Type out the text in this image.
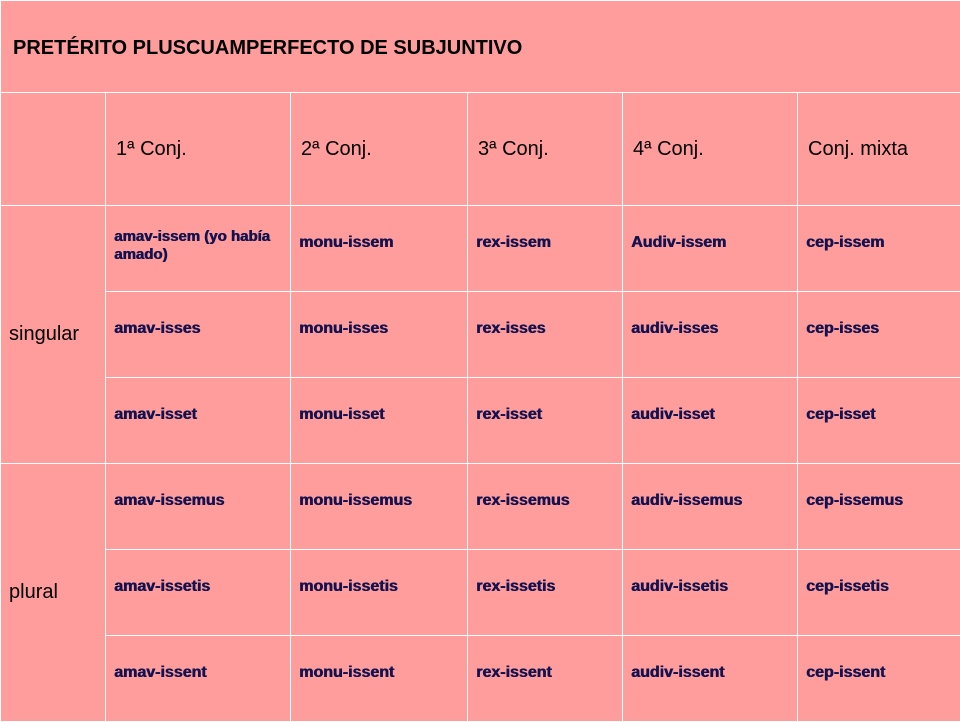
PRETÉRITO PLUSCUAMPERFECTO DE SUBJUNTIVO					
	1ª Conj.	2ª Conj.	3ª Conj.	4ª Conj.	Conj. mixta
singular	amav-issem (yo había amado)	monu-issem	rex-issem	Audiv-issem	cep-issem
	amav-isses	monu-isses	rex-isses	audiv-isses	cep-isses
	amav-isset	monu-isset	rex-isset	audiv-isset	cep-isset
plural	amav-issemus	monu-issemus	rex-issemus	audiv-issemus	cep-issemus
	amav-issetis	monu-issetis	rex-issetis	audiv-issetis	cep-issetis
	amav-issent	monu-issent	rex-issent	audiv-issent	cep-issent
